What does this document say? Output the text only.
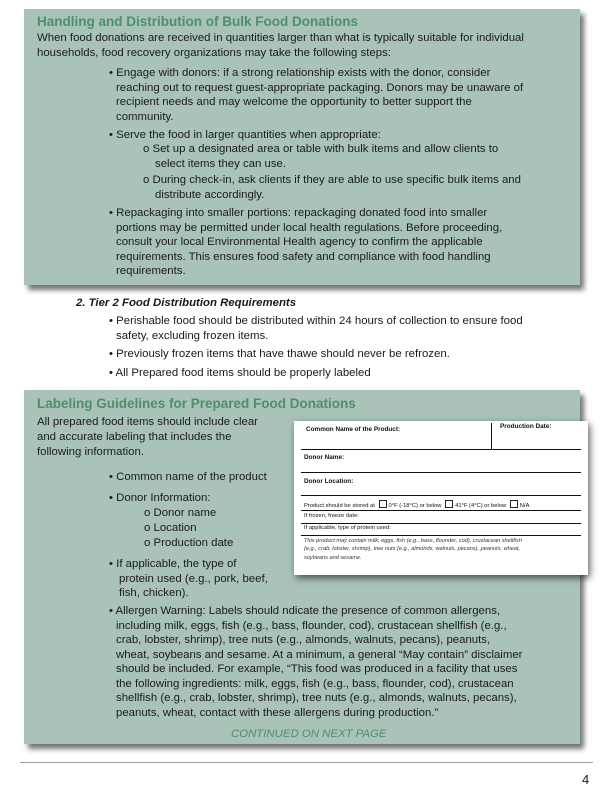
Handling and Distribution of Bulk Food Donations
When food donations are received in quantities larger than what is typically suitable for individual
households, food recovery organizations may take the following steps:
• Engage with donors: if a strong relationship exists with the donor, consider
reaching out to request guest-appropriate packaging. Donors may be unaware of
recipient needs and may welcome the opportunity to better support the
community.
• Serve the food in larger quantities when appropriate:
o Set up a designated area or table with bulk items and allow clients to
select items they can use.
o During check-in, ask clients if they are able to use specific bulk items and
distribute accordingly.
• Repackaging into smaller portions: repackaging donated food into smaller
portions may be permitted under local health regulations. Before proceeding,
consult your local Environmental Health agency to confirm the applicable
requirements. This ensures food safety and compliance with food handling
requirements.
2. Tier 2 Food Distribution Requirements
• Perishable food should be distributed within 24 hours of collection to ensure food
safety, excluding frozen items.
• Previously frozen items that have thawe should never be refrozen.
• All Prepared food items should be properly labeled
Labeling Guidelines for Prepared Food Donations
All prepared food items should include clear
and accurate labeling that includes the
following information.
• Common name of the product
• Donor Information:
o Donor name
o Location
o Production date
• If applicable, the type of
protein used (e.g., pork, beef,
fish, chicken).
• Allergen Warning: Labels should ndicate the presence of common allergens,
including milk, eggs, fish (e.g., bass, flounder, cod), crustacean shellfish (e.g.,
crab, lobster, shrimp), tree nuts (e.g., almonds, walnuts, pecans), peanuts,
wheat, soybeans and sesame. At a minimum, a general “May contain” disclaimer
should be included. For example, “This food was produced in a facility that uses
the following ingredients: milk, eggs, fish (e.g., bass, flounder, cod), crustacean
shellfish (e.g., crab, lobster, shrimp), tree nuts (e.g., almonds, walnuts, pecans),
peanuts, wheat, contact with these allergens during production.”
CONTINUED ON NEXT PAGE
Common Name of the Product:	Production Date:
Donor Name:
Donor Location:
Product should be stored at 0°F (-18°C) or below 41°F (4°C) or below N/A
If frozen, freeze date:
If applicable, type of protein used:
This product may contain milk, eggs, fish (e.g., bass, flounder, cod), crustacean shellfish
(e.g., crab, lobster, shrimp), tree nuts (e.g., almonds, walnuts, pecans), peanuts, wheat,
soybeans and sesame.
4
